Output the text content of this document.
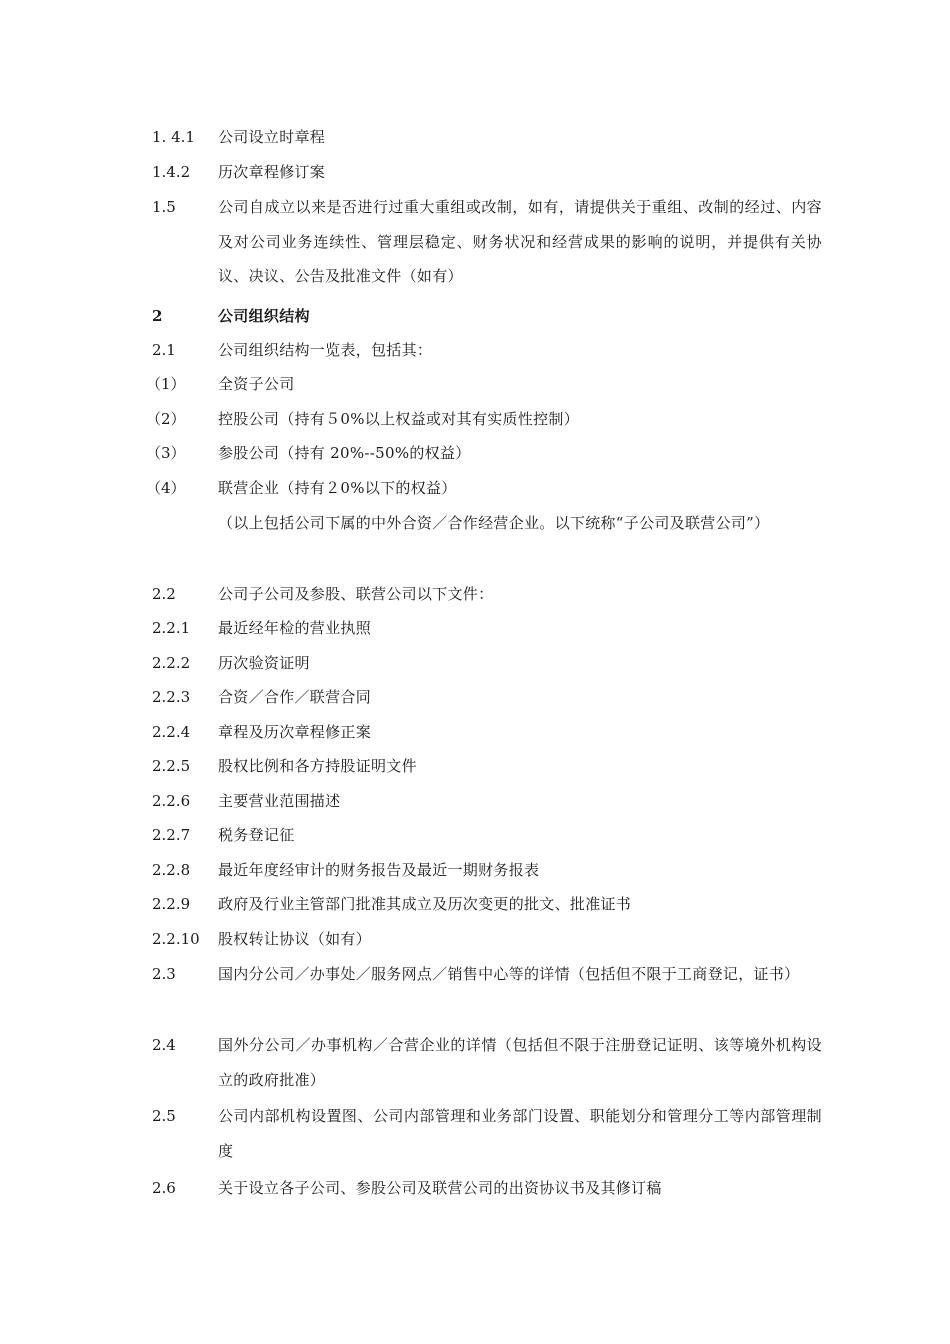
1. 4.1 公司设立时章程
1.4.2 历次章程修订案
1.5	公司自成立以来是否进行过重大重组或改制，如有，请提供关于重组、改制的经过、内容及对公司业务连续性、管理层稳定、财务状况和经营成果的影响的说明，并提供有关协议、决议、公告及批准文件（如有）
2	公司组织结构
2.1	公司组织结构一览表，包括其：
（1） 全资子公司
（2） 控股公司（持有５0%以上权益或对其有实质性控制）
（3） 参股公司（持有 20%--50%的权益）
（4） 联营企业（持有２0%以下的权益）
（以上包括公司下属的中外合资／合作经营企业。以下统称“子公司及联营公司”）
2.2	公司子公司及参股、联营公司以下文件：
2.2.1 最近经年检的营业执照
2.2.2 历次验资证明
2.2.3 合资／合作／联营合同
2.2.4 章程及历次章程修正案
2.2.5 股权比例和各方持股证明文件
2.2.6 主要营业范围描述
2.2.7 税务登记征
2.2.8 最近年度经审计的财务报告及最近一期财务报表
2.2.9 政府及行业主管部门批准其成立及历次变更的批文、批准证书
2.2.10 股权转让协议（如有）
2.3	国内分公司／办事处／服务网点／销售中心等的详情（包括但不限于工商登记，证书）
2.4	国外分公司／办事机构／合营企业的详情（包括但不限于注册登记证明、该等境外机构设立的政府批准）
2.5	公司内部机构设置图、公司内部管理和业务部门设置、职能划分和管理分工等内部管理制度
2.6	关于设立各子公司、参股公司及联营公司的出资协议书及其修订稿
